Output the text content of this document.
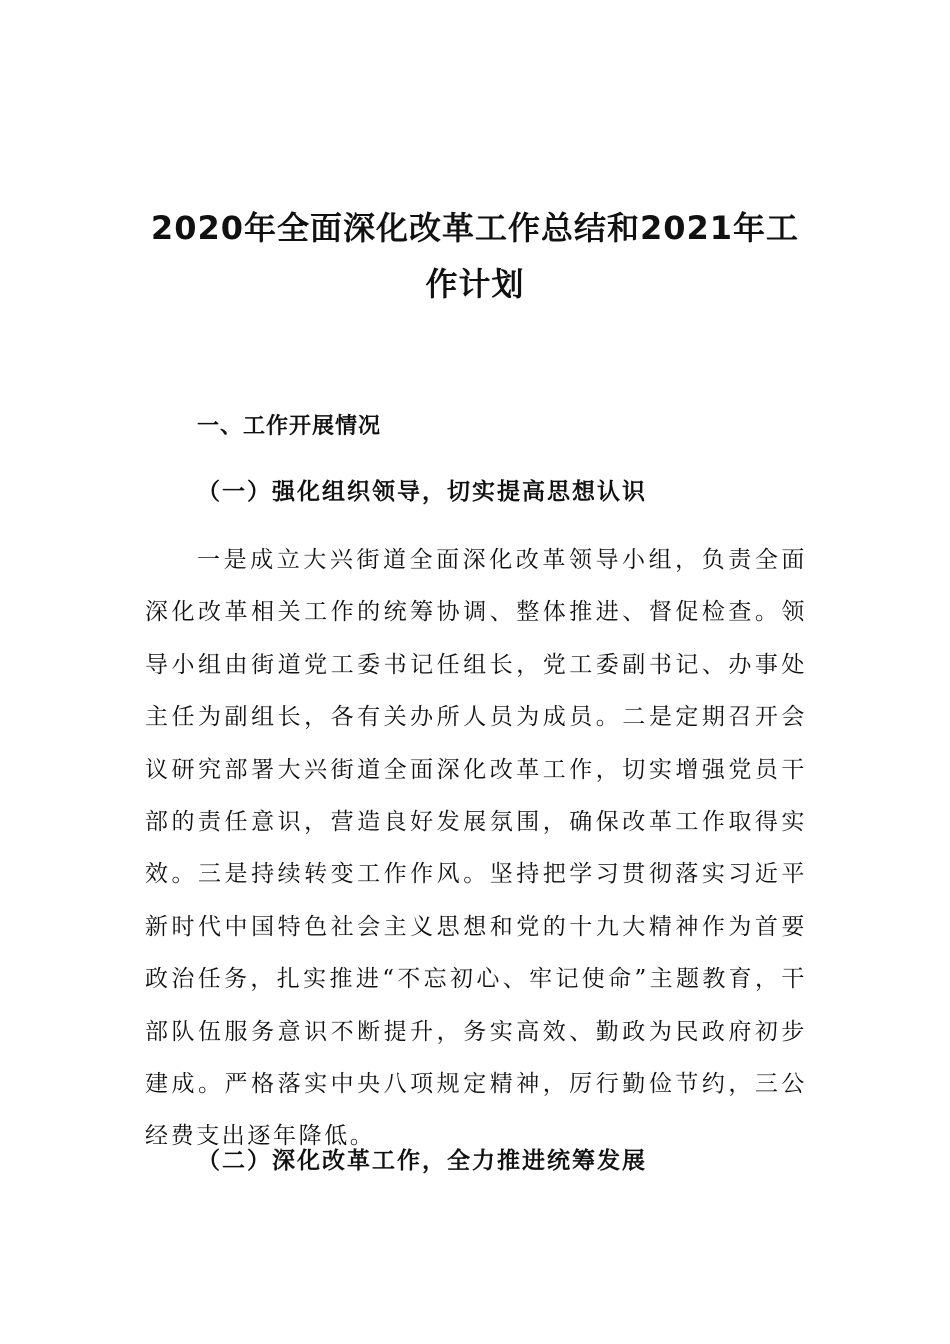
2020年全面深化改革工作总结和2021年工作计划
一、工作开展情况
（一）强化组织领导，切实提高思想认识

一是成立大兴街道全面深化改革领导小组，负责全面深化改革相关工作的统筹协调、整体推进、督促检查。领导小组由街道党工委书记任组长，党工委副书记、办事处主任为副组长，各有关办所人员为成员。二是定期召开会议研究部署大兴街道全面深化改革工作，切实增强党员干部的责任意识，营造良好发展氛围，确保改革工作取得实效。三是持续转变工作作风。坚持把学习贯彻落实习近平新时代中国特色社会主义思想和党的十九大精神作为首要政治任务，扎实推进“不忘初心、牢记使命”主题教育，干部队伍服务意识不断提升，务实高效、勤政为民政府初步建成。严格落实中央八项规定精神，厉行勤俭节约，三公经费支出逐年降低。

（二）深化改革工作，全力推进统筹发展
